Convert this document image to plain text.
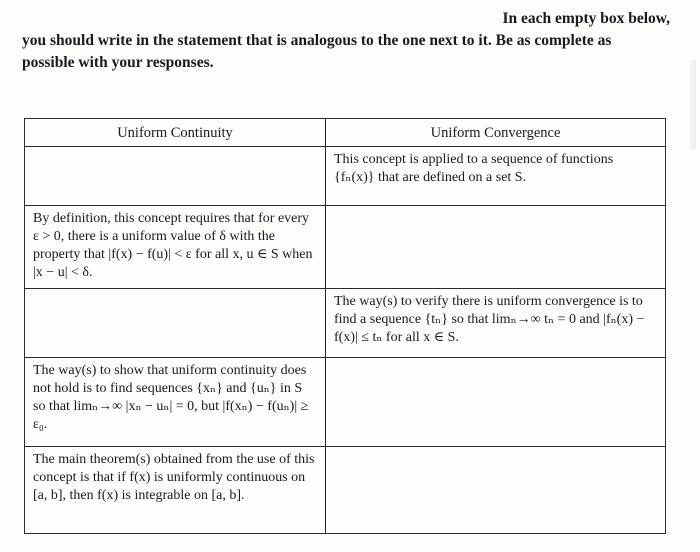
In each empty box below,
you should write in the statement that is analogous to the one next to it. Be as complete as
possible with your responses.
Uniform Continuity	Uniform Convergence

	This concept is applied to a sequence of functions {fₙ(x)} that are defined on a set S.

By definition, this concept requires that for every ε > 0, there is a uniform value of δ with the property that |f(x) − f(u)| < ε for all x, u ∈ S when |x − u| < δ.	

	The way(s) to verify there is uniform convergence is to find a sequence {tₙ} so that limₙ→∞ tₙ = 0 and |fₙ(x) − f(x)| ≤ tₙ for all x ∈ S.

The way(s) to show that uniform continuity does not hold is to find sequences {xₙ} and {uₙ} in S so that limₙ→∞ |xₙ − uₙ| = 0, but |f(xₙ) − f(uₙ)| ≥ ε₀.	

The main theorem(s) obtained from the use of this concept is that if f(x) is uniformly continuous on [a, b], then f(x) is integrable on [a, b].	
